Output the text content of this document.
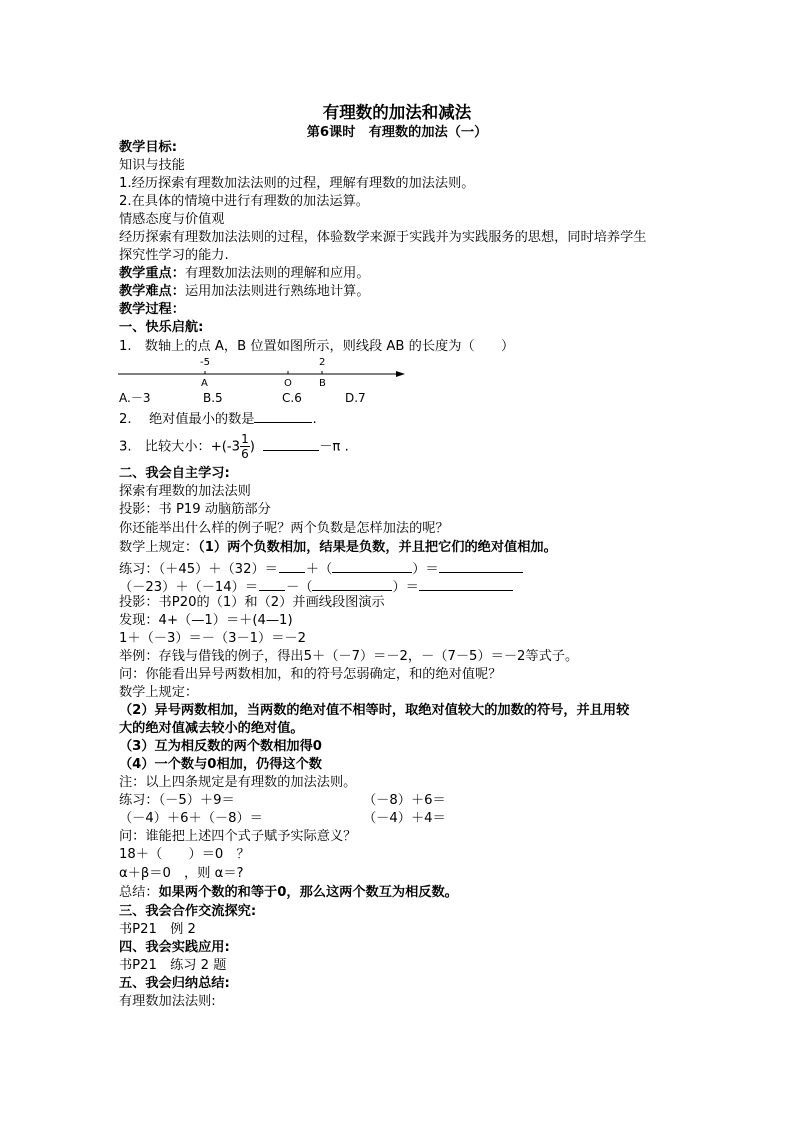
有理数的加法和减法
第6课时　有理数的加法（一）
教学目标:
知识与技能
1.经历探索有理数加法法则的过程，理解有理数的加法法则。
2.在具体的情境中进行有理数的加法运算。
情感态度与价值观
经历探索有理数加法法则的过程，体验数学来源于实践并为实践服务的思想，同时培养学生
探究性学习的能力.
教学重点：有理数加法法则的理解和应用。
教学难点：运用加法法则进行熟练地计算。
教学过程：
一、快乐启航:
1.　数轴上的点 A，B 位置如图所示，则线段 AB 的长度为（　　）
-5	2
A	O	B
A.－3	B.5	C.6	D.7
2.　 绝对值最小的数是	.
3.　比较大小：$+(-3 \frac{1}{6}$ )	－π .
二、我会自主学习:
探索有理数的加法法则
投影：书 P19 动脑筋部分
你还能举出什么样的例子呢？两个负数是怎样加法的呢？
数学上规定：（1）两个负数相加，结果是负数，并且把它们的绝对值相加。
练习：（＋45）＋（32）＝ ＋（	）＝
（－23）＋（－14）＝ －（	）＝
投影：书P20的（1）和（2）并画线段图演示
发现：4+（—1）＝＋(4—1)
1＋（－3）＝－（3－1）＝－2
举例：存钱与借钱的例子，得出5＋（－7）＝－2，－（7－5）＝－2等式子。
问：你能看出异号两数相加，和的符号怎弱确定，和的绝对值呢？
数学上规定：
（2）异号两数相加，当两数的绝对值不相等时，取绝对值较大的加数的符号，并且用较
大的绝对值减去较小的绝对值。
（3）互为相反数的两个数相加得0
（4）一个数与0相加，仍得这个数
注：以上四条规定是有理数的加法法则。
练习：（－5）＋9＝	（－8）＋6＝
（－4）＋6＋（－8）＝	（－4）＋4＝
问：谁能把上述四个式子赋予实际意义？
18＋（　　）＝0　？
α＋β＝0　，则 α＝?
总结：如果两个数的和等于0，那么这两个数互为相反数。
三、我会合作交流探究:
书P21　例 2
四、我会实践应用:
书P21　练习 2 题
五、我会归纳总结:
有理数加法法则:
